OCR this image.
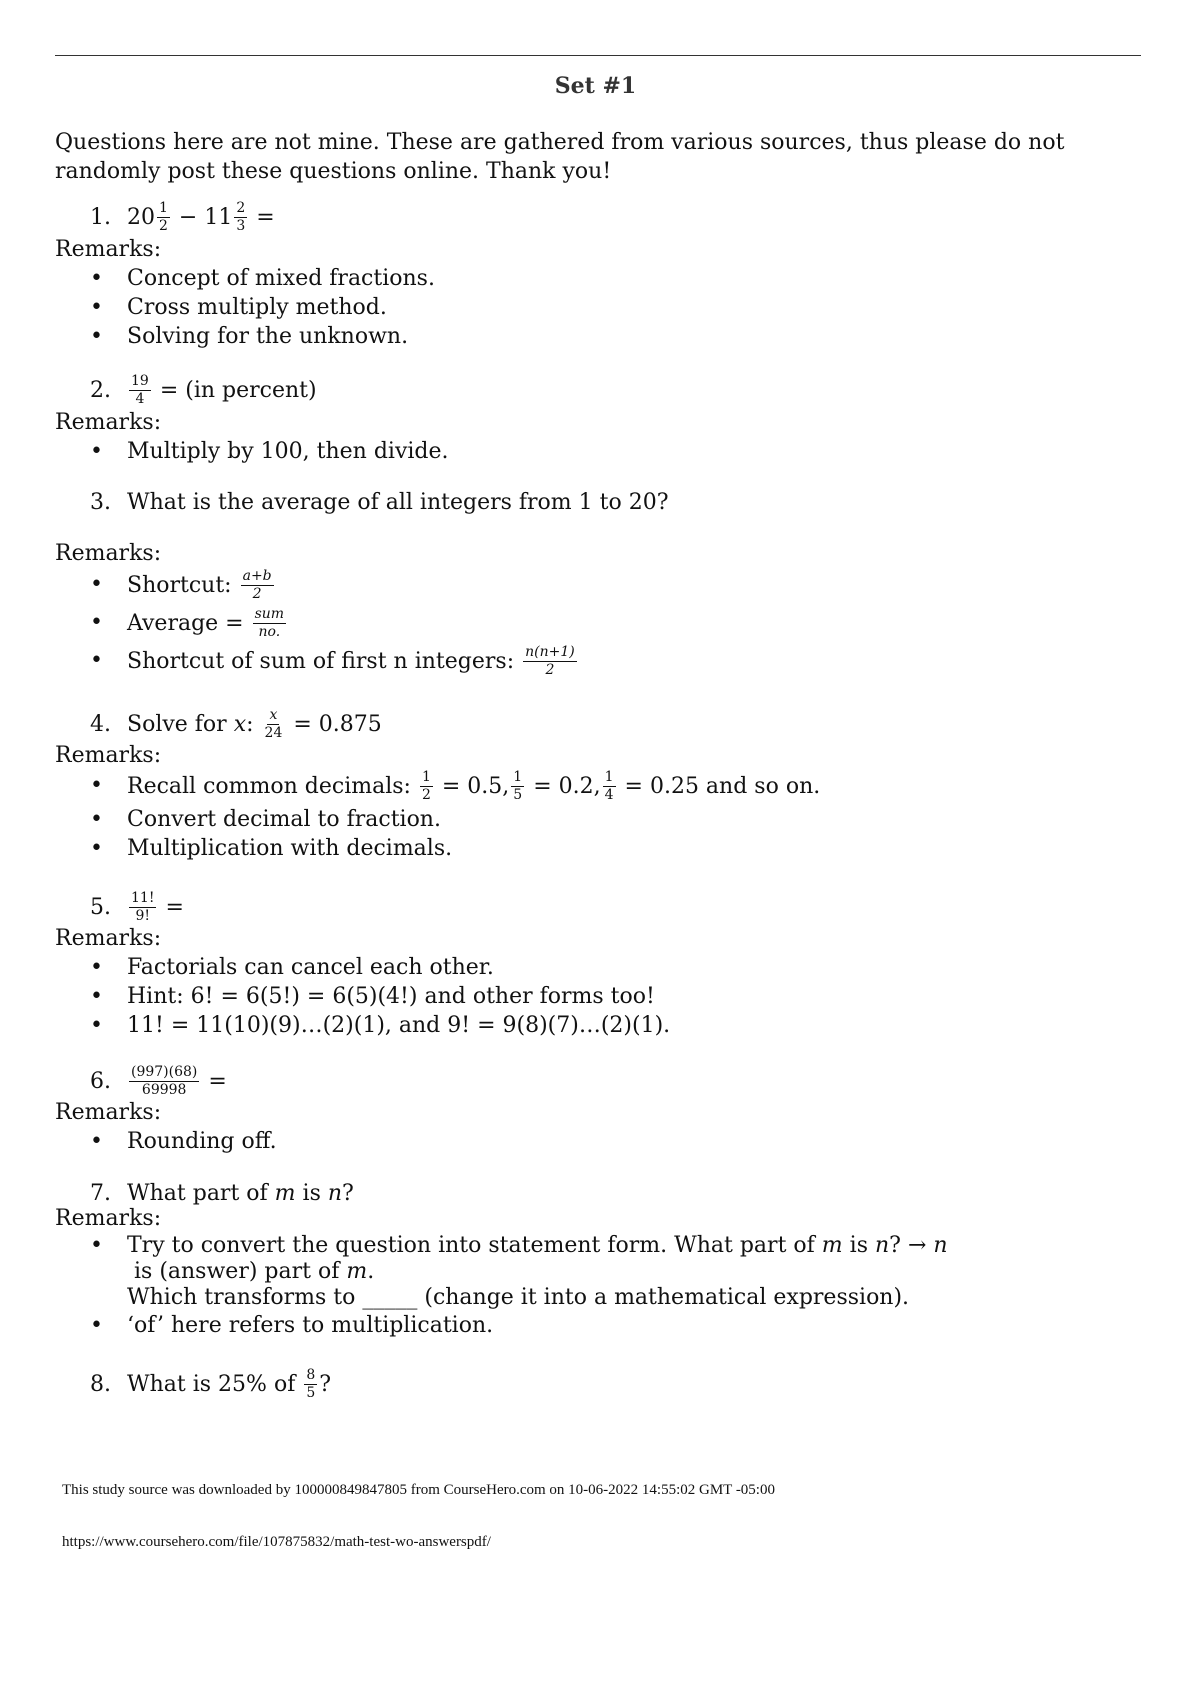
Set #1
Questions here are not mine. These are gathered from various sources, thus please do not randomly post these questions online. Thank you!
1. $20 \frac{1}{2} - 11 \frac{2}{3}$ =
Remarks:
• Concept of mixed fractions.
• Cross multiply method.
• Solving for the unknown.
2.	$\frac{19}{4} = (in$ percent)
Remarks:
• Multiply by 100, then divide.
3. What is the average of all integers from 1 to 20?
Remarks:
• Shortcut: $\frac{a+b}{2}$
• Average = $\frac{\text{sum}}{no.}$
• Shortcut of sum of first n integers: $\frac{n(n+1)}{2}$
4. Solve for x : $\frac{x}{24} = 0.875$
Remarks:
• Recall common decimals: $\frac{1}{2} = 0.5$, $\frac{1}{5} = 0.2$, $\frac{1}{4} = 0.25$ and so on.
• Convert decimal to fraction.
• Multiplication with decimals.
5.	$\frac{11!}{9!}$ =
Remarks:
• Factorials can cancel each other.
• Hint: 6! = 6(5!) = 6(5)(4!) and other forms too!
• 11! = 11(10)(9)…(2)(1), and 9! = 9(8)(7)…(2)(1).
6.	$\frac{(997)(68)}{69998}$ =
Remarks:
• Rounding off.
7. What part of m is n ?
Remarks:
• Try to convert the question into statement form. What part of m is n? → n is (answer) part of m.
Which transforms to _____ (change it into a mathematical expression).
• ‘of’ here refers to multiplication.
8. What is 25% of $\frac{8}{5}$ ?
This study source was downloaded by 100000849847805 from CourseHero.com on 10-06-2022 14:55:02 GMT -05:00
https://www.coursehero.com/file/107875832/math-test-wo-answerspdf/
